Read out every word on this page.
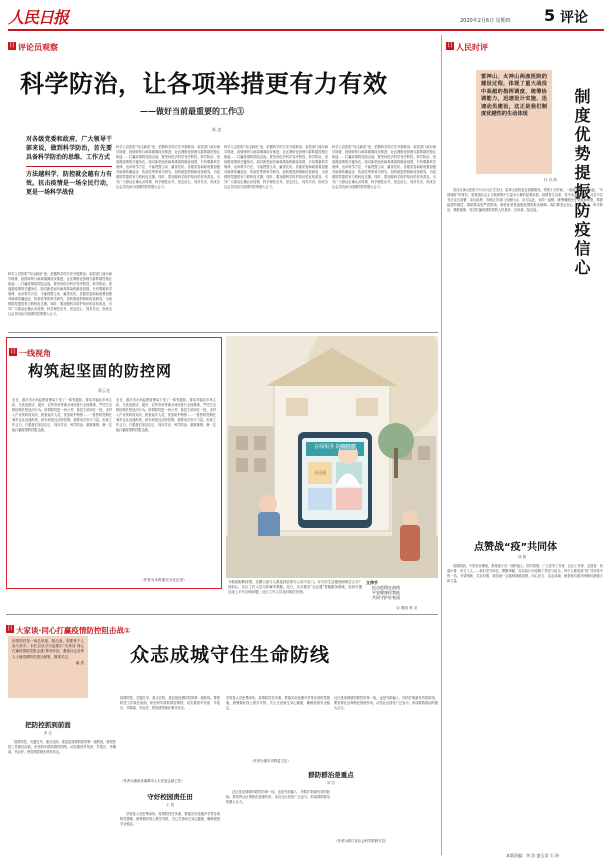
人民日报	2020年2月6日 星期四 5 评论
日 评论员观察
科学防治，让各项举措更有力有效
——做好当前最重要的工作③
陈 凌
对各级党委和政府、广大领导干部来说，做到科学防治，首先要具备科学防治的思维、工作方式
方法越科学，防控就会越有力有效。抗击疫情是一场全民行动，更是一场科学战役
科学人员医院“负压病房”里，依据科学的方法开展救治；疾控部门流行病学调查、疫情研判与病毒溯源同步推进；社区网格化管理与群防群控相互衔接……打赢疫情防控阻击战，要坚持依法科学有序防控。科学防治，是战胜疫情的关键所在。面对新型冠状病毒感染的肺炎疫情，只有尊重科学规律、运用科学方法，才能把握主动、赢得先机。各级党委和政府要加强对病毒传播途径、传染性等的科学研究，加快推进药物和疫苗研发，为疫情防控提供有力的科技支撑。同时，要加强科学防护知识的宣传普及，引导广大群众正确认识疫情、科学理性应对，坚定信心、同舟共济，形成全社会共同参与疫情防控的强大合力。
科学人员医院“负压病房”里，依据科学的方法开展救治；疾控部门流行病学调查、疫情研判与病毒溯源同步推进；社区网格化管理与群防群控相互衔接……打赢疫情防控阻击战，要坚持依法科学有序防控。科学防治，是战胜疫情的关键所在。面对新型冠状病毒感染的肺炎疫情，只有尊重科学规律、运用科学方法，才能把握主动、赢得先机。各级党委和政府要加强对病毒传播途径、传染性等的科学研究，加快推进药物和疫苗研发，为疫情防控提供有力的科技支撑。同时，要加强科学防护知识的宣传普及，引导广大群众正确认识疫情、科学理性应对，坚定信心、同舟共济，形成全社会共同参与疫情防控的强大合力。
科学人员医院“负压病房”里，依据科学的方法开展救治；疾控部门流行病学调查、疫情研判与病毒溯源同步推进；社区网格化管理与群防群控相互衔接……打赢疫情防控阻击战，要坚持依法科学有序防控。科学防治，是战胜疫情的关键所在。面对新型冠状病毒感染的肺炎疫情，只有尊重科学规律、运用科学方法，才能把握主动、赢得先机。各级党委和政府要加强对病毒传播途径、传染性等的科学研究，加快推进药物和疫苗研发，为疫情防控提供有力的科技支撑。同时，要加强科学防护知识的宣传普及，引导广大群众正确认识疫情、科学理性应对，坚定信心、同舟共济，形成全社会共同参与疫情防控的强大合力。
科学人员医院“负压病房”里，依据科学的方法开展救治；疾控部门流行病学调查、疫情研判与病毒溯源同步推进；社区网格化管理与群防群控相互衔接……打赢疫情防控阻击战，要坚持依法科学有序防控。科学防治，是战胜疫情的关键所在。面对新型冠状病毒感染的肺炎疫情，只有尊重科学规律、运用科学方法，才能把握主动、赢得先机。各级党委和政府要加强对病毒传播途径、传染性等的科学研究，加快推进药物和疫苗研发，为疫情防控提供有力的科技支撑。同时，要加强科学防护知识的宣传普及，引导广大群众正确认识疫情、科学理性应对，坚定信心、同舟共济，形成全社会共同参与疫情防控的强大合力。
日 一线视角
构筑起坚固的防控网
蒋云龙
近日，重庆市市场监督管理局下发了一系列通知，要求对辖区市场主体，尤其是药店、超市、农贸市场等重点场所进行全面排查，严厉打击哄抬物价等违法行为。疫情防控是一场大考，基层干部冲在一线，走村入户宣传防疫知识，排查返乡人员，发放防护物资……一张张防控网在城乡社区迅速织密。织牢织密社区防控网，需要动员各方力量，形成工作合力。只要我们坚定信心、同舟共济、科学防治、精准施策，就一定能打赢疫情防控阻击战。
近日，重庆市市场监督管理局下发了一系列通知，要求对辖区市场主体，尤其是药店、超市、农贸市场等重点场所进行全面排查，严厉打击哄抬物价等违法行为。疫情防控是一场大考，基层干部冲在一线，走村入户宣传防疫知识，排查返乡人员，发放防护物资……一张张防控网在城乡社区迅速织密。织牢织密社区防控网，需要动员各方力量，形成工作合力。只要我们坚定信心、同舟共济、科学防治、精准施策，就一定能打赢疫情防控阻击战。
（作者为本报重庆分社记者）
在线服务 防疫信息
社区通
为彻底阻断疫情，近期大部分人都选择居家办公或不出门。可当你生活遇到困难怎么办？别担心，社区工作人员为你解决难题。近日，北京推出“社区通”智能服务系统，居民可通过线上平台反映问题，社区工作人员及时响应处理。
又伸手
抗击疫情在前线
平安健康你我他
共同守护好家园
勾 燕图 郑 戈
日 人民时评
雷神山、火神山两座医院的建设过程，体现了重大战役中高超的指挥调度、统筹协调能力，迅速设计实施、迅速动员建设，这正是我们制度优越性的生动体现	制度优势提振防疫信心
杜 玖 路
武汉火神山医院于2月2日正式交付，雷神山医院也在加紧建设。短短十天时间，一座座医院拔地而起，“中国速度”的背后，是我国社会主义制度集中力量办大事的显著优势。疫情发生以来，党中央高度重视，习近平总书记亲自部署、亲自指挥，各地区各部门迅速行动、全力以赴，全国一盘棋，统筹调配医疗资源和物资，构建起联防联控、群防群治的严密防线。制度优势是战胜疫情的根本保障。我们要坚定信心、同舟共济、科学防治、精准施策，坚决打赢疫情防控的人民战争、总体战、阻击战。
点赞战“疫”共同体
徐 鹤
疫情面前，不管来自哪里，都是战斗在一线的战士。面对疫情，广大医务工作者、社区工作者、志愿者、快递小哥、环卫工人……他们坚守岗位、默默奉献，用实际行动诠释了责任与担当。每个人都是战“疫”共同体中的一员。守望相助、共克时艰，我们就一定能够战胜疫情。同心协力、众志成城，就是我们面对困难时最强大的力量。
日 大家谈·同心打赢疫情防控阻击战①
疫情防控是一场总体战、阻击战，需要每个人参与其中。本栏目从今天起推出“大家谈·同心打赢疫情防控阻击战”系列评论，邀请社会各界人士就疫情防控建言献策，敬请关注。
编 者 众志成城守住生命防线
把防控抓到前面
张 红
疫情防控，关键在早，重点在防。基层是疫情防控的第一道防线，要把防控工作做在前面，织密织牢群防群控网络，切实做到早发现、早报告、早隔离、早治疗，把疫情控制在萌芽状态。
疫情防控，关键在早，重点在防。基层是疫情防控的第一道防线，要把防控工作做在前面，织密织牢群防群控网络，切实做到早发现、早报告、早隔离、早治疗，把疫情控制在萌芽状态。
（作者为湖南省湘潭市人大常委会副主任）
守好校园责任田
王 锐
学校是人员密集场所，疫情防控任务重。要落实好延期开学等各项防控措施，统筹做好线上教学安排，关心关爱师生身心健康，确保校园安全稳定。
学校是人员密集场所，疫情防控任务重。要落实好延期开学等各项防控措施，统筹做好线上教学安排，关心关爱师生身心健康，确保校园安全稳定。
（作者为重庆市教委主任）
群防群治是重点
刘 宏
社区是疫情联防联控的第一线，也是外防输入、内防扩散最有效的防线。要发挥社区网格化管理作用，动员社区居民广泛参与，形成群防群治的强大合力。
社区是疫情联防联控的第一线，也是外防输入、内防扩散最有效的防线。要发挥社区网格化管理作用，动员社区居民广泛参与，形成群防群治的强大合力。
（作者为浙江省社会科学院研究员）
本版责编：李 浩 盛玉雷 石 羚
